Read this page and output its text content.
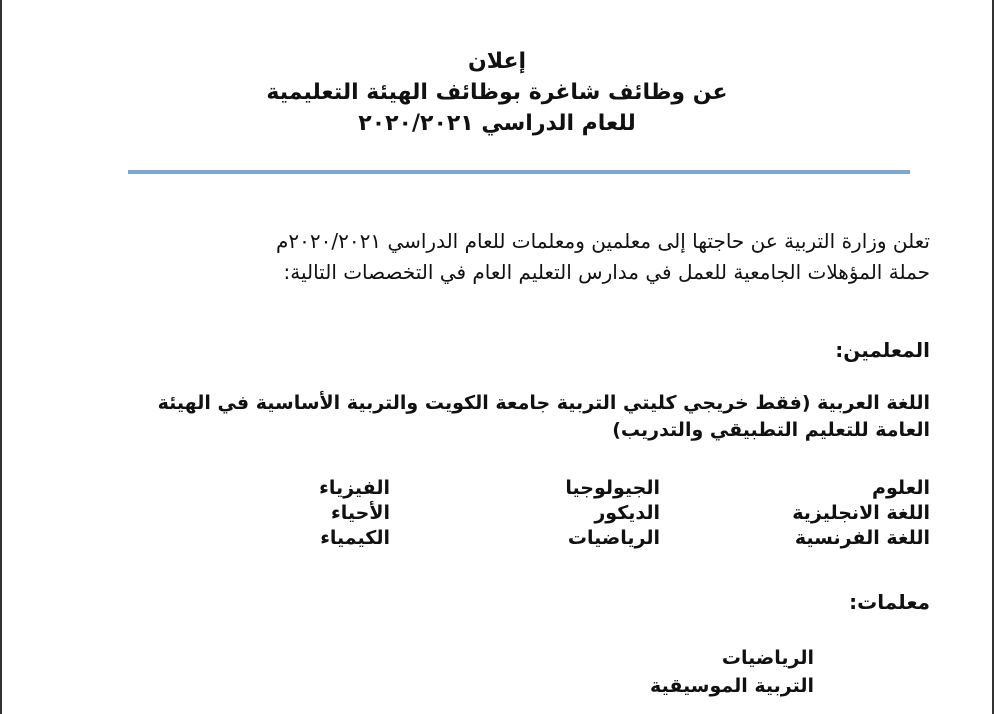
إعلان
عن وظائف شاغرة بوظائف الهيئة التعليمية
للعام الدراسي ٢٠٢٠/٢٠٢١
تعلن وزارة التربية عن حاجتها إلى معلمين ومعلمات للعام الدراسي ٢٠٢٠/٢٠٢١م
حملة المؤهلات الجامعية للعمل في مدارس التعليم العام في التخصصات التالية:
المعلمين:
اللغة العربية (فقط خريجي كليتي التربية جامعة الكويت والتربية الأساسية في الهيئة
العامة للتعليم التطبيقي والتدريب)
العلوم
اللغة الانجليزية
اللغة الفرنسية
الجيولوجيا
الديكور
الرياضيات
الفيزياء
الأحياء
الكيمياء
معلمات:
الرياضيات
التربية الموسيقية
